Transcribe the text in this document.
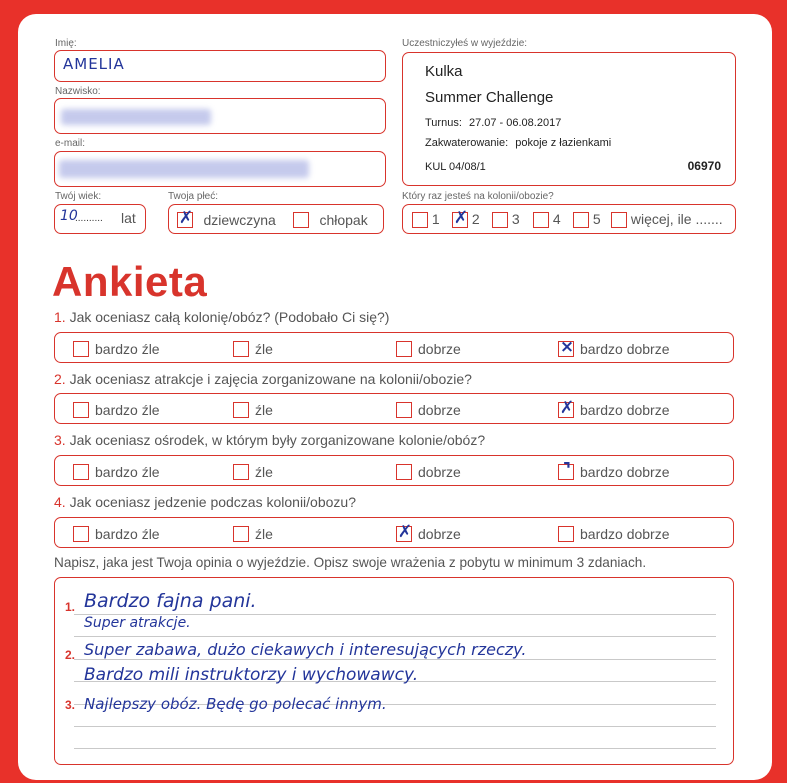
Imię:
AMELIA
Nazwisko:
e-mail:
Twój wiek:
10
.......... lat
Twoja płeć:
✗ dziewczyna	chłopak
Uczestniczyłeś w wyjeździe:
Kulka
Summer Challenge
Turnus: 27.07 - 06.08.2017
Zakwaterowanie: pokoje z łazienkami
KUL 04/08/1	06970
Który raz jesteś na kolonii/obozie?
1 ✗ 2	3	4	5	więcej, ile .......
Ankieta
1. Jak oceniasz całą kolonię/obóz? (Podobało Ci się?)
bardzo źle	źle	dobrze	× bardzo dobrze
2. Jak oceniasz atrakcje i zajęcia zorganizowane na kolonii/obozie?
bardzo źle	źle	dobrze	✗ bardzo dobrze
3. Jak oceniasz ośrodek, w którym były zorganizowane kolonie/obóz?
bardzo źle	źle	dobrze	⌝ bardzo dobrze
4. Jak oceniasz jedzenie podczas kolonii/obozu?
bardzo źle	źle	✗ dobrze	bardzo dobrze
Napisz, jaka jest Twoja opinia o wyjeździe. Opisz swoje wrażenia z pobytu w minimum 3 zdaniach.
1.
2.
3.
Bardzo fajna pani.
Super atrakcje.
Super zabawa, dużo ciekawych i interesujących rzeczy.
Bardzo mili instruktorzy i wychowawcy.
Najlepszy obóz. Będę go polecać innym.
